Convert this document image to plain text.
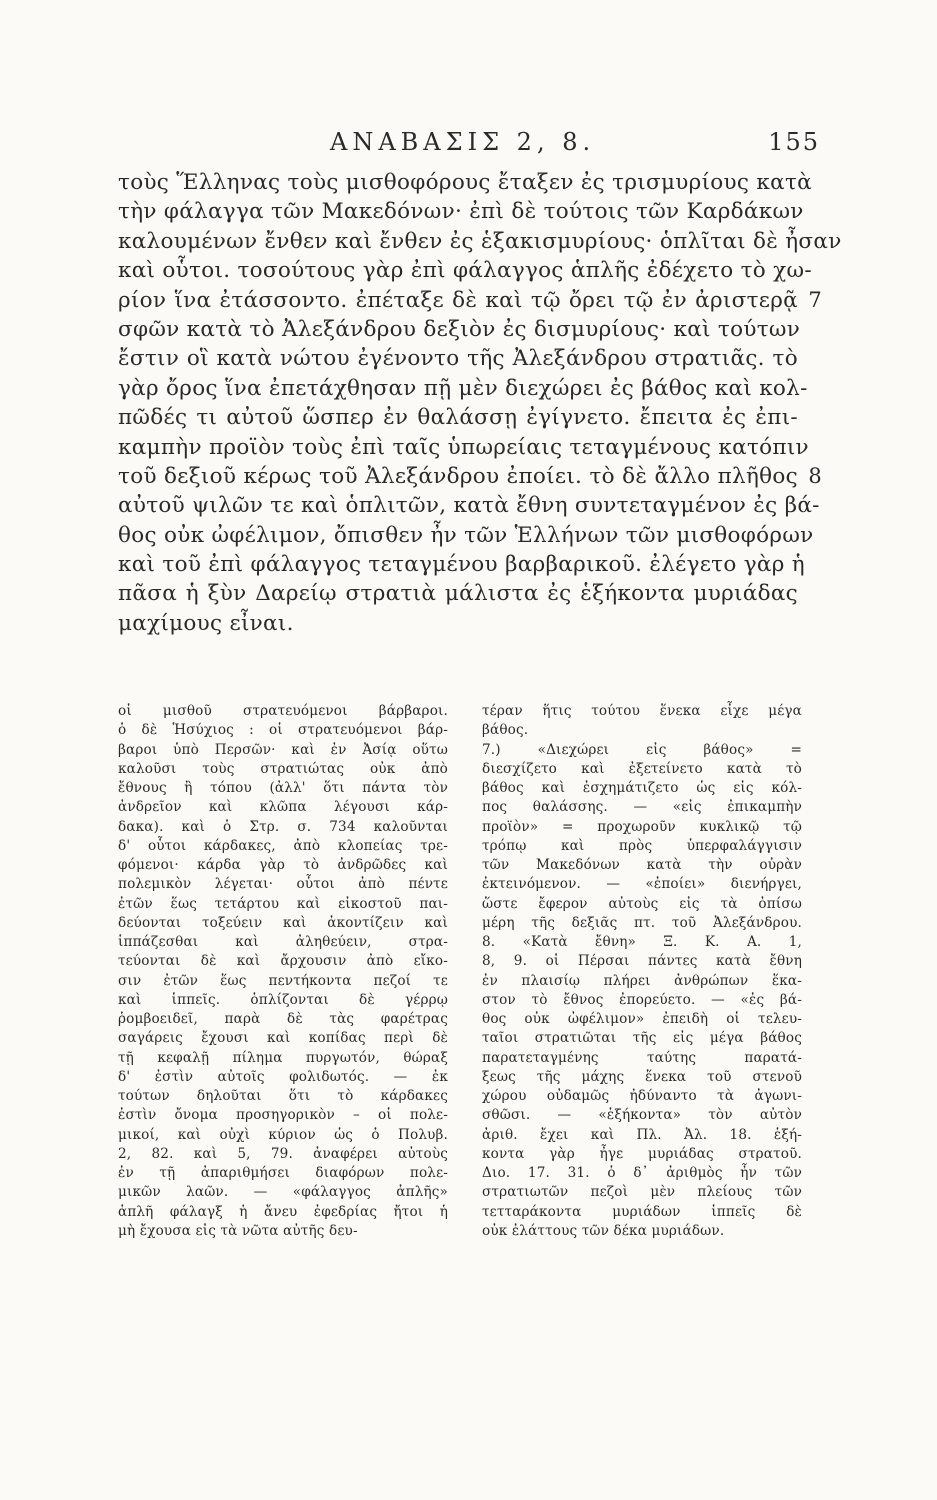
ΑΝΑΒΑΣΙΣ 2, 8.	155
τοὺς Ἕλληνας τοὺς μισθοφόρους ἔταξεν ἐς τρισμυρίους κατὰ
τὴν φάλαγγα τῶν Μακεδόνων· ἐπὶ δὲ τούτοις τῶν Καρδάκων
καλουμένων ἔνθεν καὶ ἔνθεν ἐς ἑξακισμυρίους· ὁπλῖται δὲ ἦσαν
καὶ οὗτοι. τοσούτους γὰρ ἐπὶ φάλαγγος ἁπλῆς ἐδέχετο τὸ χω-
ρίον ἵνα ἐτάσσοντο. ἐπέταξε δὲ καὶ τῷ ὄρει τῷ ἐν ἀριστερᾷ 7
σφῶν κατὰ τὸ Ἀλεξάνδρου δεξιὸν ἐς δισμυρίους· καὶ τούτων
ἔστιν οἳ κατὰ νώτου ἐγένοντο τῆς Ἀλεξάνδρου στρατιᾶς. τὸ
γὰρ ὄρος ἵνα ἐπετάχθησαν πῇ μὲν διεχώρει ἐς βάθος καὶ κολ-
πῶδές τι αὐτοῦ ὥσπερ ἐν θαλάσσῃ ἐγίγνετο. ἔπειτα ἐς ἐπι-
καμπὴν προϊὸν τοὺς ἐπὶ ταῖς ὑπωρείαις τεταγμένους κατόπιν
τοῦ δεξιοῦ κέρως τοῦ Ἀλεξάνδρου ἐποίει. τὸ δὲ ἄλλο πλῆθος 8
αὐτοῦ ψιλῶν τε καὶ ὁπλιτῶν, κατὰ ἔθνη συντεταγμένον ἐς βά-
θος οὐκ ὠφέλιμον, ὄπισθεν ἦν τῶν Ἑλλήνων τῶν μισθοφόρων
καὶ τοῦ ἐπὶ φάλαγγος τεταγμένου βαρβαρικοῦ. ἐλέγετο γὰρ ἡ
πᾶσα ἡ ξὺν Δαρείῳ στρατιὰ μάλιστα ἐς ἑξήκοντα μυριάδας
μαχίμους εἶναι.
οἱ μισθοῦ στρατευόμενοι βάρβαροι.
ὁ δὲ Ἡσύχιος : οἱ στρατευόμενοι βάρ-
βαροι ὑπὸ Περσῶν· καὶ ἐν Ἀσίᾳ οὕτω
καλοῦσι τοὺς στρατιώτας οὐκ ἀπὸ
ἔθνους ἢ τόπου (ἀλλ' ὅτι πάντα τὸν
ἀνδρεῖον καὶ κλῶπα λέγουσι κάρ-
δακα). καὶ ὁ Στρ. σ. 734 καλοῦνται
δ' οὗτοι κάρδακες, ἀπὸ κλοπείας τρε-
φόμενοι· κάρδα γὰρ τὸ ἀνδρῶδες καὶ
πολεμικὸν λέγεται· οὗτοι ἀπὸ πέντε
ἐτῶν ἕως τετάρτου καὶ εἰκοστοῦ παι-
δεύονται τοξεύειν καὶ ἀκοντίζειν καὶ
ἱππάζεσθαι καὶ ἀληθεύειν, στρα-
τεύονται δὲ καὶ ἄρχουσιν ἀπὸ εἴκο-
σιν ἐτῶν ἕως πεντήκοντα πεζοί τε
καὶ ἱππεῖς. ὁπλίζονται δὲ γέρρῳ
ῥομβοειδεῖ, παρὰ δὲ τὰς φαρέτρας
σαγάρεις ἔχουσι καὶ κοπίδας περὶ δὲ
τῇ κεφαλῇ πίλημα πυργωτόν, θώραξ
δ' ἐστὶν αὐτοῖς φολιδωτός. — ἐκ
τούτων δηλοῦται ὅτι τὸ κάρδακες
ἐστὶν ὄνομα προσηγορικὸν – οἱ πολε-
μικοί, καὶ οὐχὶ κύριον ὡς ὁ Πολυβ.
2, 82. καὶ 5, 79. ἀναφέρει αὐτοὺς
ἐν τῇ ἀπαριθμήσει διαφόρων πολε-
μικῶν λαῶν. — «φάλαγγος ἁπλῆς»
ἁπλῆ φάλαγξ ἡ ἄνευ ἐφεδρίας ἤτοι ἡ
μὴ ἔχουσα εἰς τὰ νῶτα αὐτῆς δευ-
τέραν ἥτις τούτου ἕνεκα εἶχε μέγα
βάθος.
7.) «Διεχώρει εἰς βάθος» =
διεσχίζετο καὶ ἐξετείνετο κατὰ τὸ
βάθος καὶ ἐσχημάτιζετο ὡς εἰς κόλ-
πος θαλάσσης. — «εἰς ἐπικαμπὴν
προϊὸν» = προχωροῦν κυκλικῷ τῷ
τρόπῳ καὶ πρὸς ὑπερφαλάγγισιν
τῶν Μακεδόνων κατὰ τὴν οὐρὰν
ἐκτεινόμενον. — «ἐποίει» διενήργει,
ὥστε ἔφερον αὐτοὺς εἰς τὰ ὀπίσω
μέρη τῆς δεξιᾶς πτ. τοῦ Ἀλεξάνδρου.
8. «Κατὰ ἔθνη» Ξ. Κ. Α. 1,
8, 9. οἱ Πέρσαι πάντες κατὰ ἔθνη
ἐν πλαισίῳ πλήρει ἀνθρώπων ἕκα-
στον τὸ ἔθνος ἐπορεύετο. — «ἐς βά-
θος οὐκ ὠφέλιμον» ἐπειδὴ οἱ τελευ-
ταῖοι στρατιῶται τῆς εἰς μέγα βάθος
παρατεταγμένης ταύτης παρατά-
ξεως τῆς μάχης ἕνεκα τοῦ στενοῦ
χώρου οὐδαμῶς ἠδύναντο τὰ ἀγωνι-
σθῶσι. — «ἑξήκοντα» τὸν αὐτὸν
ἀριθ. ἔχει καὶ Πλ. Ἀλ. 18. ἑξή-
κοντα γὰρ ἦγε μυριάδας στρατοῦ.
Διο. 17. 31. ὁ δ᾽ ἀριθμὸς ἦν τῶν
στρατιωτῶν πεζοὶ μὲν πλείους τῶν
τετταράκοντα μυριάδων ἱππεῖς δὲ
οὐκ ἐλάττους τῶν δέκα μυριάδων.
